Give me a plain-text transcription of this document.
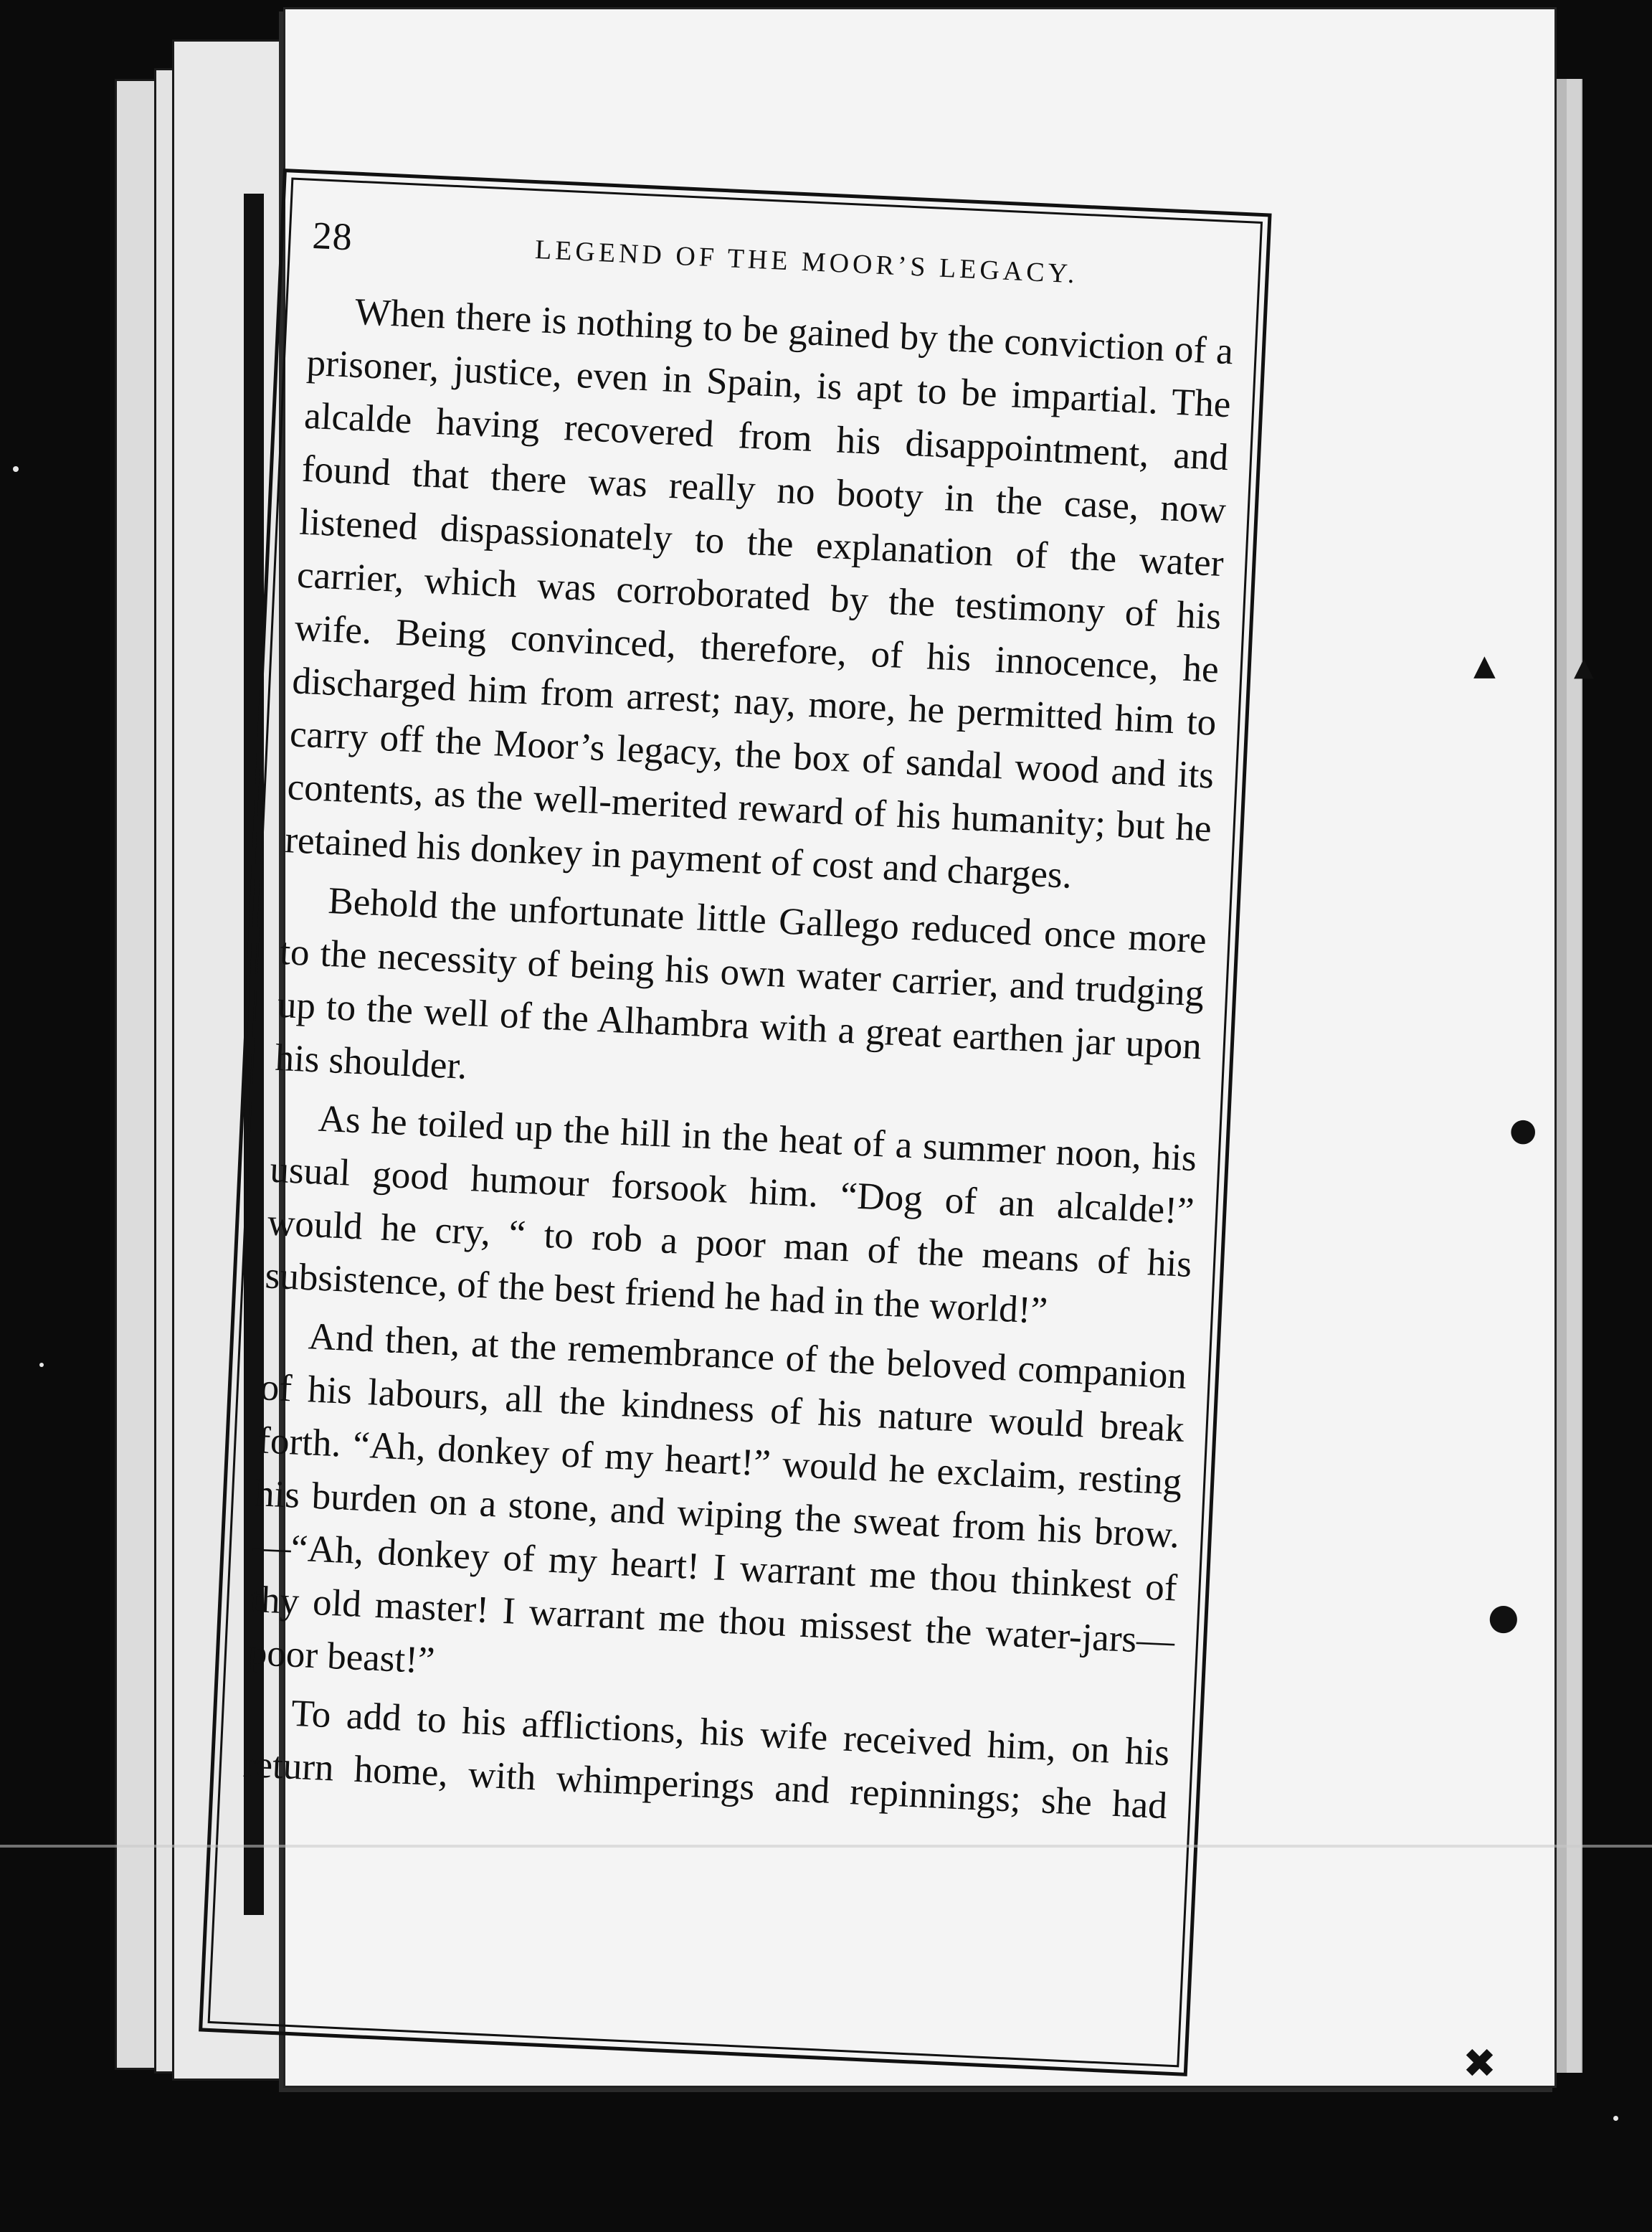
▲	▲
●
●
✖
28	LEGEND OF THE MOOR’S LEGACY.

When there is nothing to be gained by the conviction of a prisoner, justice, even in Spain, is apt to be impartial. The alcalde having recovered from his disappointment, and found that there was really no booty in the case, now listened dispassionately to the explanation of the water carrier, which was corroborated by the testimony of his wife. Being convinced, therefore, of his innocence, he discharged him from arrest; nay, more, he permitted him to carry off the Moor’s legacy, the box of sandal wood and its contents, as the well-merited reward of his humanity; but he retained his donkey in payment of cost and charges.

Behold the unfortunate little Gallego reduced once more to the necessity of being his own water carrier, and trudging up to the well of the Alhambra with a great earthen jar upon his shoulder.

As he toiled up the hill in the heat of a summer noon, his usual good humour forsook him. “Dog of an alcalde!” would he cry, “ to rob a poor man of the means of his subsistence, of the best friend he had in the world!”

And then, at the remembrance of the beloved companion of his labours, all the kindness of his nature would break forth. “Ah, donkey of my heart!” would he exclaim, resting his burden on a stone, and wiping the sweat from his brow.—“Ah, donkey of my heart! I warrant me thou thinkest of thy old master! I warrant me thou missest the water-jars—poor beast!”

To add to his afflictions, his wife received him, on his return home, with whimperings and repinnings; she had
